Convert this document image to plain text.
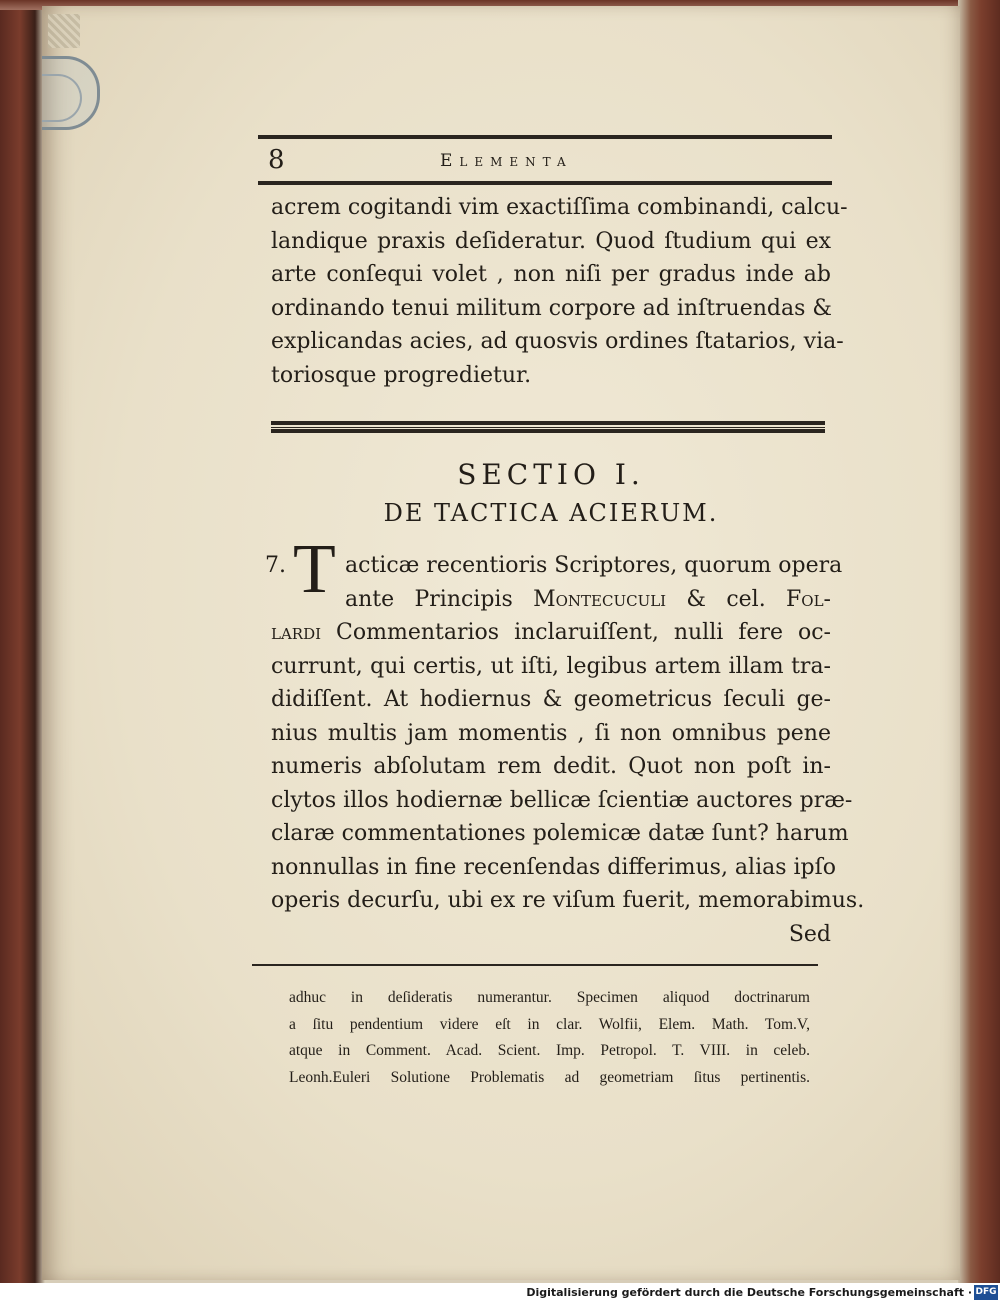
8	Elementa
acrem cogitandi vim exactiſſima combinandi, calcu-
landique praxis deſideratur. Quod ſtudium qui ex
arte conſequi volet , non niſi per gradus inde ab
ordinando tenui militum corpore ad inſtruendas &
explicandas acies, ad quosvis ordines ſtatarios, via-
toriosque progredietur.
SECTIO I.
DE TACTICA ACIERUM.
7. T acticæ recentioris Scriptores, quorum opera
ante Principis Montecuculi & cel. Fol-
lardi Commentarios inclaruiſſent, nulli fere oc-
currunt, qui certis, ut iſti, legibus artem illam tra-
didiſſent. At hodiernus & geometricus ſeculi ge-
nius multis jam momentis , ſi non omnibus pene
numeris abſolutam rem dedit. Quot non poſt in-
clytos illos hodiernæ bellicæ ſcientiæ auctores præ-
claræ commentationes polemicæ datæ ſunt? harum
nonnullas in fine recenſendas differimus, alias ipſo
operis decurſu, ubi ex re viſum fuerit, memorabimus.
Sed
adhuc in deſideratis numerantur. Specimen aliquod doctrinarum
a ſitu pendentium videre eſt in clar. Wolfii, Elem. Math. Tom.V,
atque in Comment. Acad. Scient. Imp. Petropol. T. VIII. in celeb.
Leonh.Euleri Solutione Problematis ad geometriam ſitus pertinentis.
Digitalisierung gefördert durch die Deutsche Forschungsgemeinschaft · DFG
